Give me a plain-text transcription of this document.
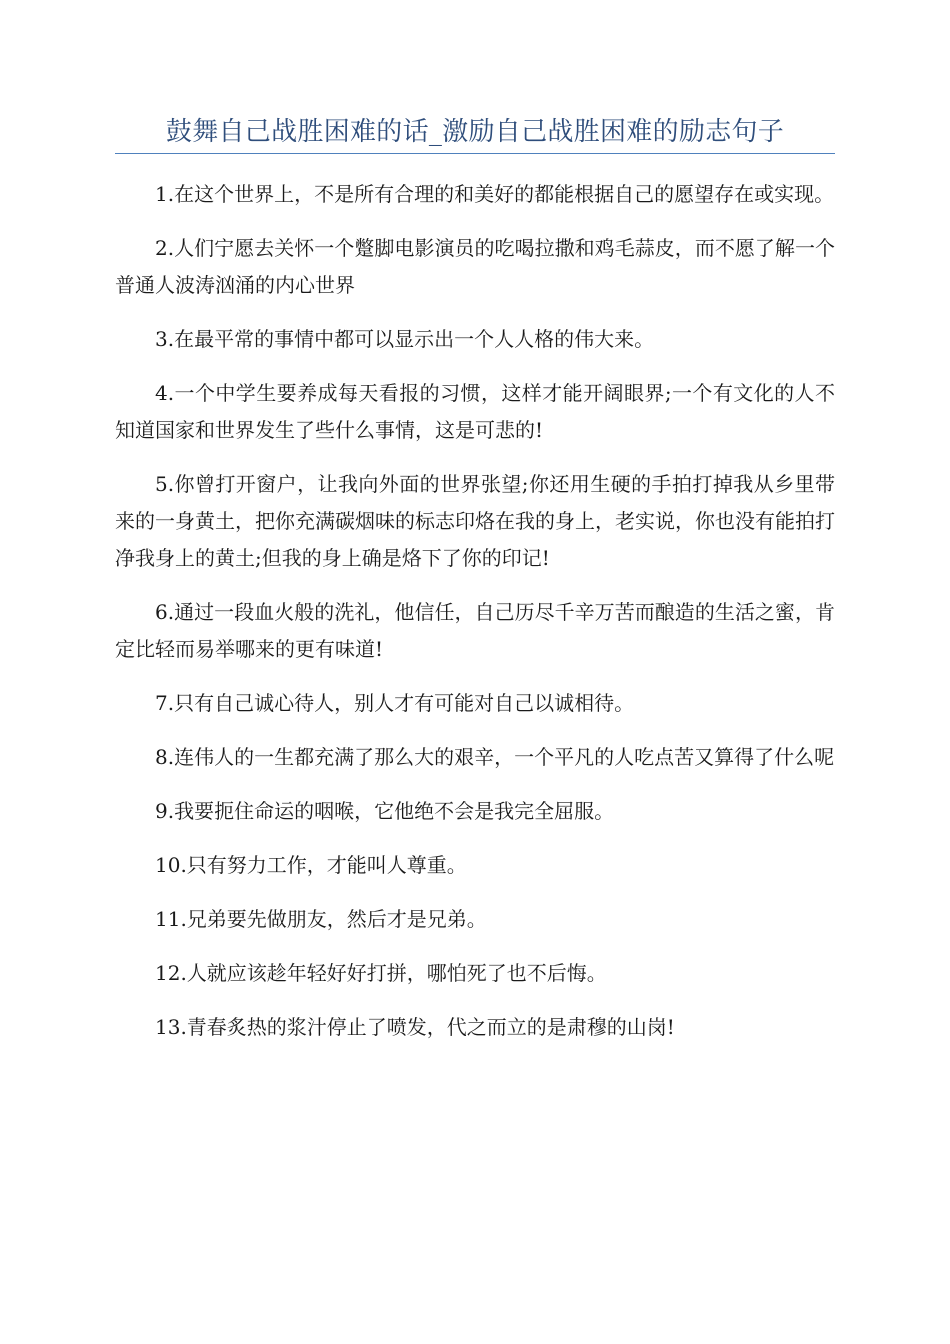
鼓舞自己战胜困难的话_激励自己战胜困难的励志句子

1.在这个世界上，不是所有合理的和美好的都能根据自己的愿望存在或实现。

2.人们宁愿去关怀一个蹩脚电影演员的吃喝拉撒和鸡毛蒜皮，而不愿了解一个普通人波涛汹涌的内心世界

3.在最平常的事情中都可以显示出一个人人格的伟大来。

4.一个中学生要养成每天看报的习惯，这样才能开阔眼界;一个有文化的人不知道国家和世界发生了些什么事情，这是可悲的!

5.你曾打开窗户，让我向外面的世界张望;你还用生硬的手拍打掉我从乡里带来的一身黄土，把你充满碳烟味的标志印烙在我的身上，老实说，你也没有能拍打净我身上的黄土;但我的身上确是烙下了你的印记!

6.通过一段血火般的洗礼，他信任，自己历尽千辛万苦而酿造的生活之蜜，肯定比轻而易举哪来的更有味道!

7.只有自己诚心待人，别人才有可能对自己以诚相待。

8.连伟人的一生都充满了那么大的艰辛，一个平凡的人吃点苦又算得了什么呢

9.我要扼住命运的咽喉，它他绝不会是我完全屈服。

10.只有努力工作，才能叫人尊重。

11.兄弟要先做朋友，然后才是兄弟。

12.人就应该趁年轻好好打拼，哪怕死了也不后悔。

13.青春炙热的浆汁停止了喷发，代之而立的是肃穆的山岗!
